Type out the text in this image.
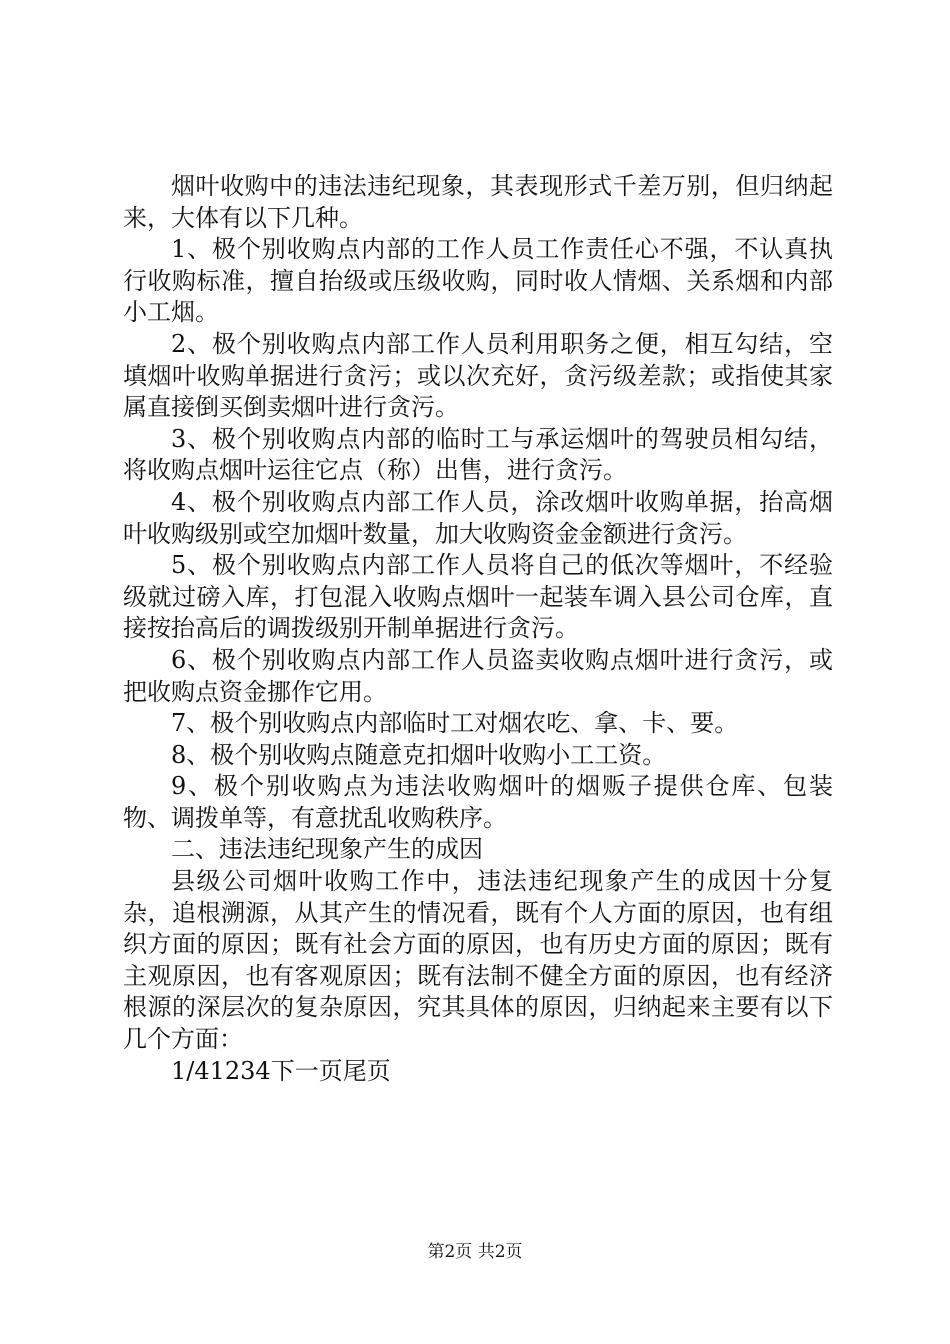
烟叶收购中的违法违纪现象，其表现形式千差万别，但归纳起来，大体有以下几种。

1、极个别收购点内部的工作人员工作责任心不强，不认真执行收购标准，擅自抬级或压级收购，同时收人情烟、关系烟和内部小工烟。

2、极个别收购点内部工作人员利用职务之便，相互勾结，空填烟叶收购单据进行贪污；或以次充好，贪污级差款；或指使其家属直接倒买倒卖烟叶进行贪污。

3、极个别收购点内部的临时工与承运烟叶的驾驶员相勾结，将收购点烟叶运往它点（称）出售，进行贪污。

4、极个别收购点内部工作人员，涂改烟叶收购单据，抬高烟叶收购级别或空加烟叶数量，加大收购资金金额进行贪污。

5、极个别收购点内部工作人员将自己的低次等烟叶，不经验级就过磅入库，打包混入收购点烟叶一起装车调入县公司仓库，直接按抬高后的调拨级别开制单据进行贪污。

6、极个别收购点内部工作人员盗卖收购点烟叶进行贪污，或把收购点资金挪作它用。

7、极个别收购点内部临时工对烟农吃、拿、卡、要。

8、极个别收购点随意克扣烟叶收购小工工资。

9、极个别收购点为违法收购烟叶的烟贩子提供仓库、包装物、调拨单等，有意扰乱收购秩序。

二、违法违纪现象产生的成因

县级公司烟叶收购工作中，违法违纪现象产生的成因十分复杂，追根溯源，从其产生的情况看，既有个人方面的原因，也有组织方面的原因；既有社会方面的原因，也有历史方面的原因；既有主观原因，也有客观原因；既有法制不健全方面的原因，也有经济根源的深层次的复杂原因，究其具体的原因，归纳起来主要有以下几个方面：

1/41234下一页尾页

第2页 共2页
